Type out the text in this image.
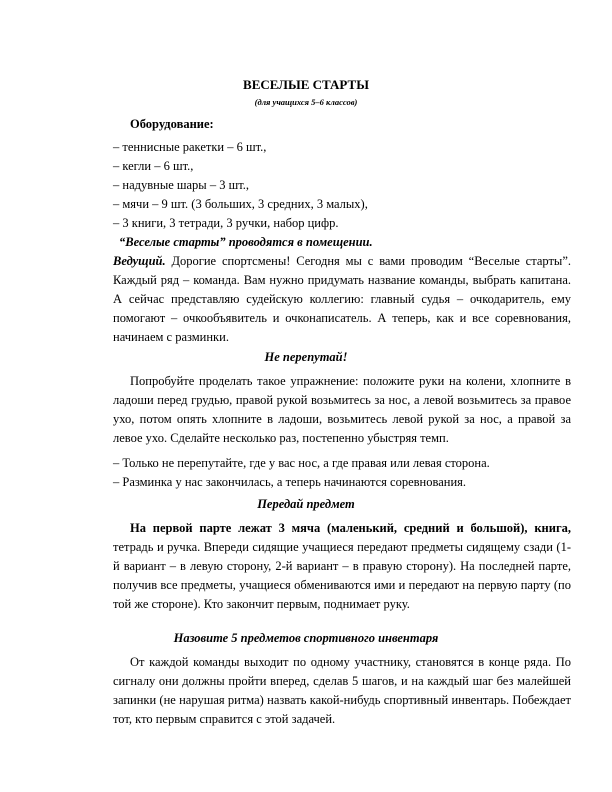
ВЕСЕЛЫЕ СТАРТЫ

(для учащихся 5–6 классов)

Оборудование:

– теннисные ракетки – 6 шт.,

– кегли – 6 шт.,

– надувные шары – 3 шт.,

– мячи – 9 шт. (3 больших, 3 средних, 3 малых),

– 3 книги, 3 тетради, 3 ручки, набор цифр.

“Веселые старты” проводятся в помещении.

Ведущий. Дорогие спортсмены! Сегодня мы с вами проводим “Веселые старты”. Каждый ряд – команда. Вам нужно придумать название команды, выбрать капитана. А сейчас представляю судейскую коллегию: главный судья – очкодаритель, ему помогают – очкообъявитель и очконаписатель. А теперь, как и все соревнования, начинаем с разминки.

Не перепутай!

Попробуйте проделать такое упражнение: положите руки на колени, хлопните в ладоши перед грудью, правой рукой возьмитесь за нос, а левой возьмитесь за правое ухо, потом опять хлопните в ладоши, возьмитесь левой рукой за нос, а правой за левое ухо. Сделайте несколько раз, постепенно убыстряя темп.

– Только не перепутайте, где у вас нос, а где правая или левая сторона.

– Разминка у нас закончилась, а теперь начинаются соревнования.

Передай предмет

На первой парте лежат 3 мяча (маленький, средний и большой), книга, тетрадь и ручка. Впереди сидящие учащиеся передают предметы сидящему сзади (1-й вариант – в левую сторону, 2-й вариант – в правую сторону). На последней парте, получив все предметы, учащиеся обмениваются ими и передают на первую парту (по той же стороне). Кто закончит первым, поднимает руку.

Назовите 5 предметов спортивного инвентаря

От каждой команды выходит по одному участнику, становятся в конце ряда. По сигналу они должны пройти вперед, сделав 5 шагов, и на каждый шаг без малейшей запинки (не нарушая ритма) назвать какой-нибудь спортивный инвентарь. Побеждает тот, кто первым справится с этой задачей.
